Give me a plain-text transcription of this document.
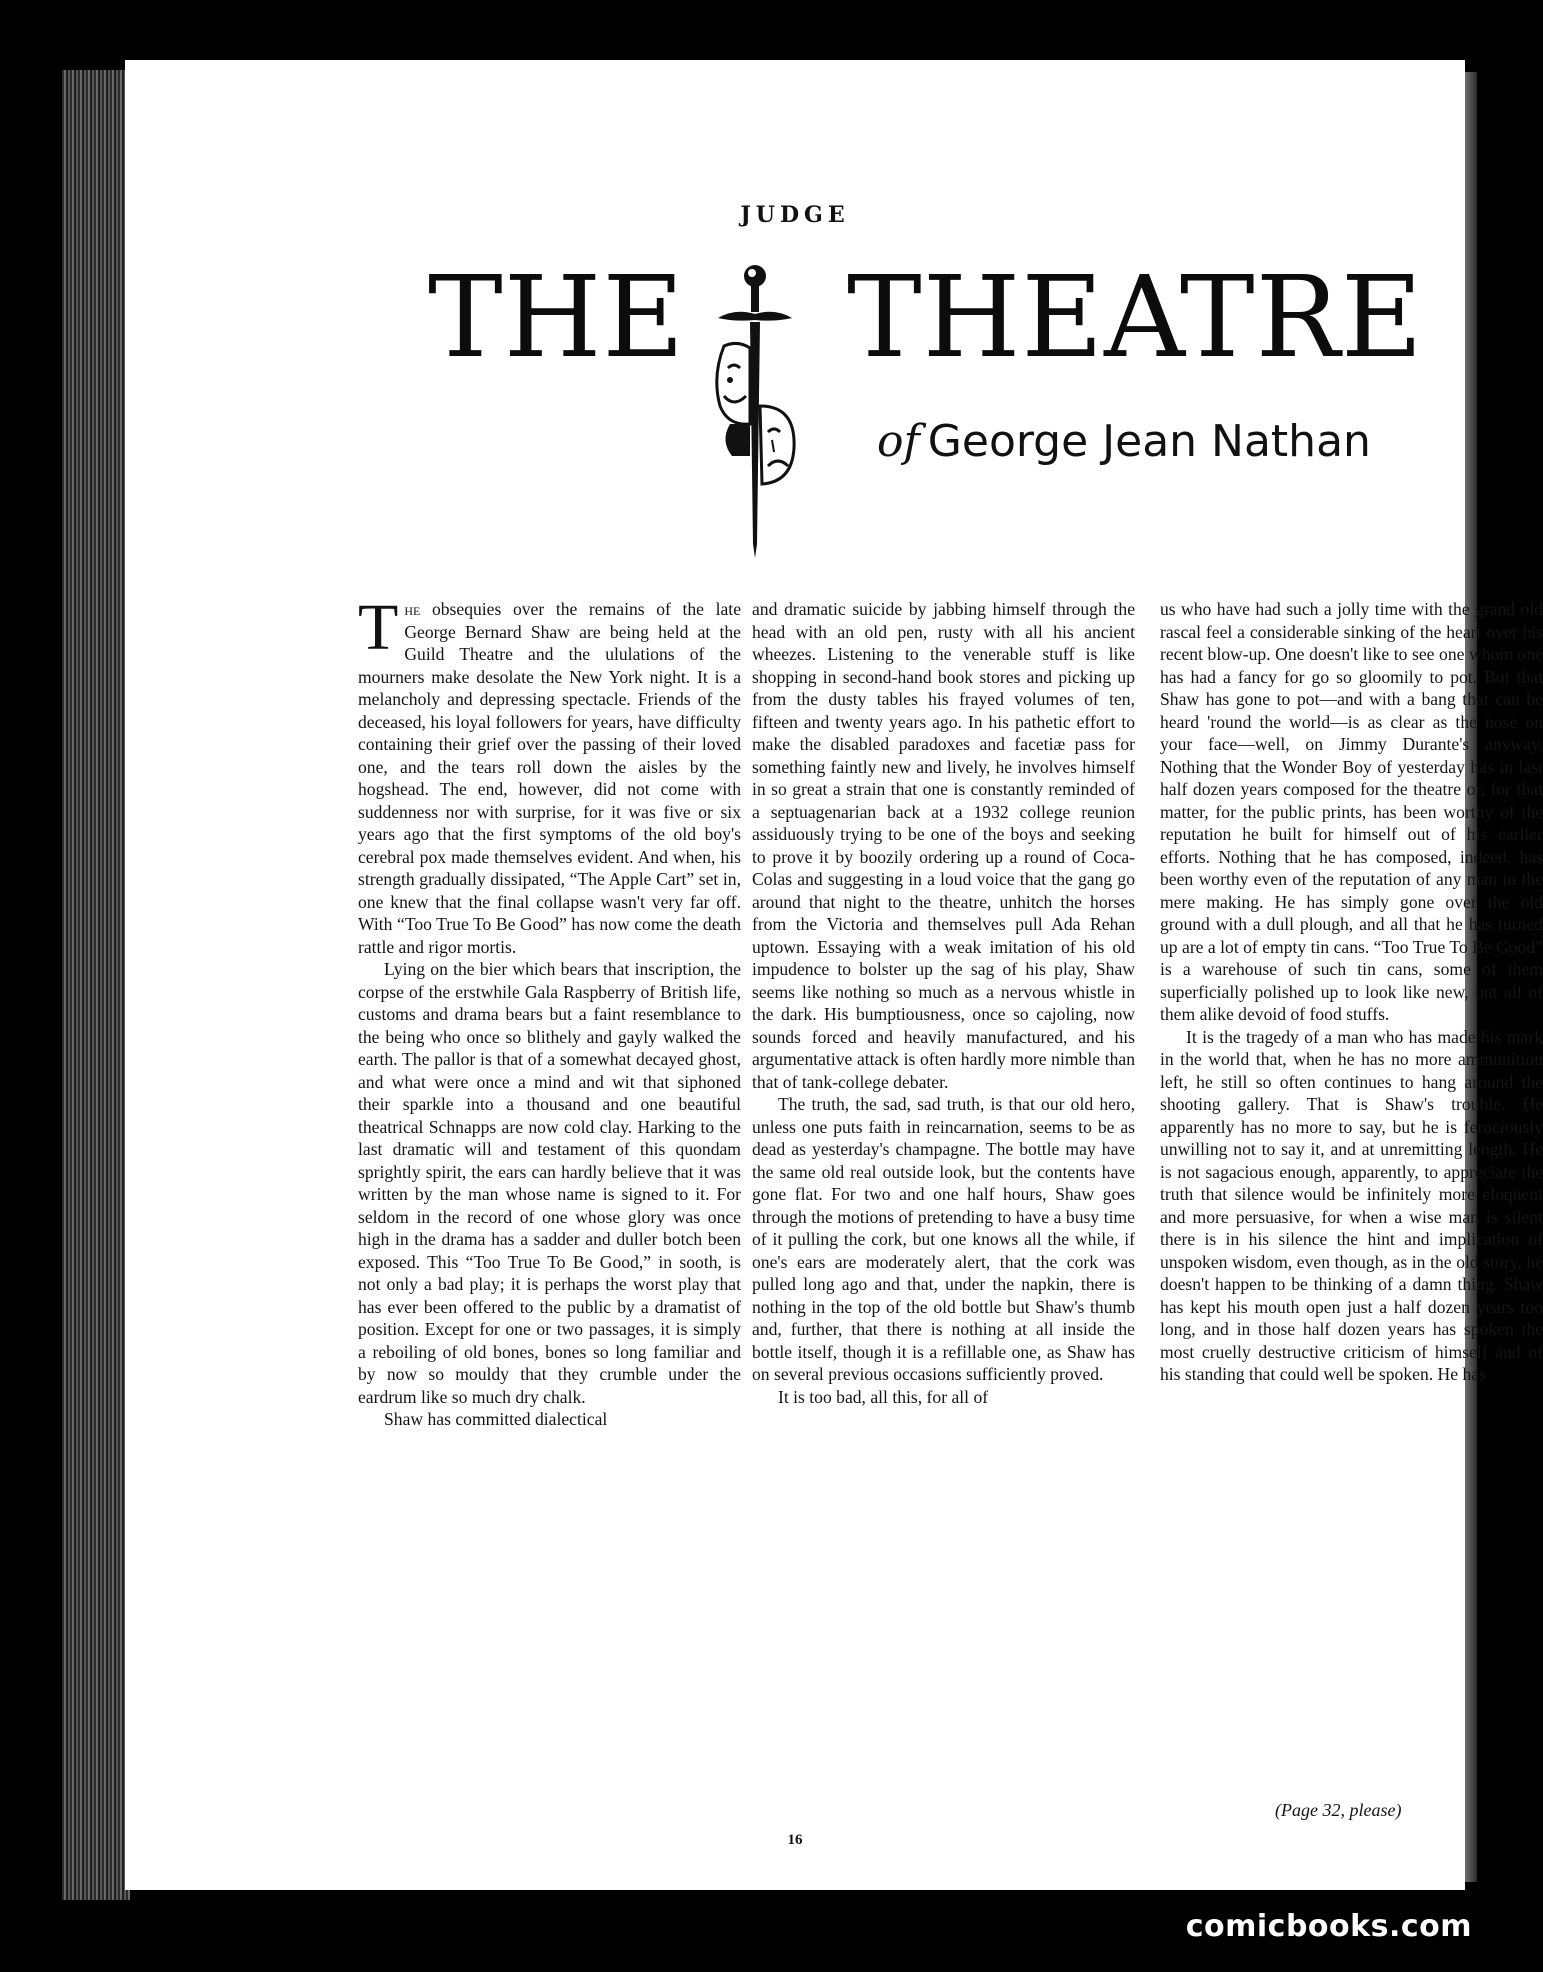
JUDGE
THE THEATRE
of George Jean Nathan

The obsequies over the remains of the late George Bernard Shaw are being held at the Guild Theatre and the ululations of the mourners make desolate the New York night. It is a melancholy and depressing spectacle. Friends of the deceased, his loyal followers for years, have difficulty containing their grief over the passing of their loved one, and the tears roll down the aisles by the hogshead. The end, however, did not come with suddenness nor with surprise, for it was five or six years ago that the first symptoms of the old boy's cerebral pox made themselves evident. And when, his strength gradually dissipated, “The Apple Cart” set in, one knew that the final collapse wasn't very far off. With “Too True To Be Good” has now come the death rattle and rigor mortis.

Lying on the bier which bears that inscription, the corpse of the erstwhile Gala Raspberry of British life, customs and drama bears but a faint resemblance to the being who once so blithely and gayly walked the earth. The pallor is that of a somewhat decayed ghost, and what were once a mind and wit that siphoned their sparkle into a thousand and one beautiful theatrical Schnapps are now cold clay. Harking to the last dramatic will and testament of this quondam sprightly spirit, the ears can hardly believe that it was written by the man whose name is signed to it. For seldom in the record of one whose glory was once high in the drama has a sadder and duller botch been exposed. This “Too True To Be Good,” in sooth, is not only a bad play; it is perhaps the worst play that has ever been offered to the public by a dramatist of position. Except for one or two passages, it is simply a reboiling of old bones, bones so long familiar and by now so mouldy that they crumble under the eardrum like so much dry chalk.

Shaw has committed dialectical

and dramatic suicide by jabbing himself through the head with an old pen, rusty with all his ancient wheezes. Listening to the venerable stuff is like shopping in second-hand book stores and picking up from the dusty tables his frayed volumes of ten, fifteen and twenty years ago. In his pathetic effort to make the disabled paradoxes and facetiæ pass for something faintly new and lively, he involves himself in so great a strain that one is constantly reminded of a septuagenarian back at a 1932 college reunion assiduously trying to be one of the boys and seeking to prove it by boozily ordering up a round of Coca-Colas and suggesting in a loud voice that the gang go around that night to the theatre, unhitch the horses from the Victoria and themselves pull Ada Rehan uptown. Essaying with a weak imitation of his old impudence to bolster up the sag of his play, Shaw seems like nothing so much as a nervous whistle in the dark. His bumptiousness, once so cajoling, now sounds forced and heavily manufactured, and his argumentative attack is often hardly more nimble than that of tank-college debater.

The truth, the sad, sad truth, is that our old hero, unless one puts faith in reincarnation, seems to be as dead as yesterday's champagne. The bottle may have the same old real outside look, but the contents have gone flat. For two and one half hours, Shaw goes through the motions of pretending to have a busy time of it pulling the cork, but one knows all the while, if one's ears are moderately alert, that the cork was pulled long ago and that, under the napkin, there is nothing in the top of the old bottle but Shaw's thumb and, further, that there is nothing at all inside the bottle itself, though it is a refillable one, as Shaw has on several previous occasions sufficiently proved.

It is too bad, all this, for all of

us who have had such a jolly time with the grand old rascal feel a considerable sinking of the heart over his recent blow-up. One doesn't like to see one whom one has had a fancy for go so gloomily to pot. But that Shaw has gone to pot—and with a bang that can be heard 'round the world—is as clear as the nose on your face—well, on Jimmy Durante's anyway. Nothing that the Wonder Boy of yesterday has in last half dozen years composed for the theatre or, for that matter, for the public prints, has been worthy of the reputation he built for himself out of his earlier efforts. Nothing that he has composed, indeed, has been worthy even of the reputation of any man in the mere making. He has simply gone over the old ground with a dull plough, and all that he has turned up are a lot of empty tin cans. “Too True To Be Good” is a warehouse of such tin cans, some of them superficially polished up to look like new, but all of them alike devoid of food stuffs.

It is the tragedy of a man who has made his mark in the world that, when he has no more ammunition left, he still so often continues to hang around the shooting gallery. That is Shaw's trouble. He apparently has no more to say, but he is ferociously unwilling not to say it, and at unremitting length. He is not sagacious enough, apparently, to appreciate the truth that silence would be infinitely more eloquent and more persuasive, for when a wise man is silent there is in his silence the hint and implication of unspoken wisdom, even though, as in the old story, he doesn't happen to be thinking of a damn thing. Shaw has kept his mouth open just a half dozen years too long, and in those half dozen years has spoken the most cruelly destructive criticism of himself and of his standing that could well be spoken. He has

(Page 32, please)
16
comicbooks.com
